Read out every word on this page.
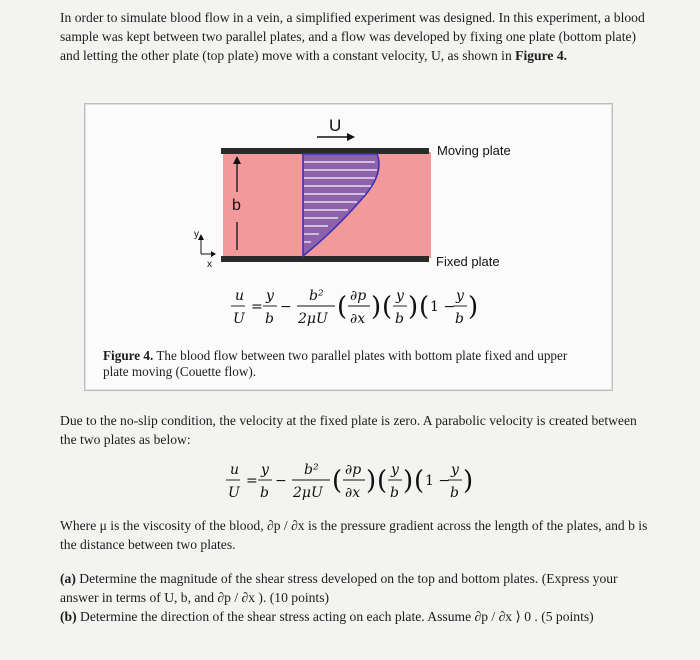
In order to simulate blood flow in a vein, a simplified experiment was designed. In this experiment, a blood sample was kept between two parallel plates, and a flow was developed by fixing one plate (bottom plate) and letting the other plate (top plate) move with a constant velocity, U, as shown in Figure 4.

U
b
y
x
Moving plate
Fixed plate
u
U
=
y
b
−
b²
2μU ( ∂p
∂x ) ( y
b ) ( 1 −
y
b )
Figure 4. The blood flow between two parallel plates with bottom plate fixed and upper plate moving (Couette flow).

Due to the no-slip condition, the velocity at the fixed plate is zero. A parabolic velocity is created between the two plates as below:

u
U
=
y
b
−
b²
2μU ( ∂p
∂x ) ( y
b ) ( 1 −
y
b )

Where μ is the viscosity of the blood, ∂p / ∂x is the pressure gradient across the length of the plates, and b is the distance between two plates.

(a) Determine the magnitude of the shear stress developed on the top and bottom plates. (Express your answer in terms of U, b, and ∂p / ∂x ). (10 points)

(b) Determine the direction of the shear stress acting on each plate. Assume ∂p / ∂x ⟩ 0 . (5 points)
